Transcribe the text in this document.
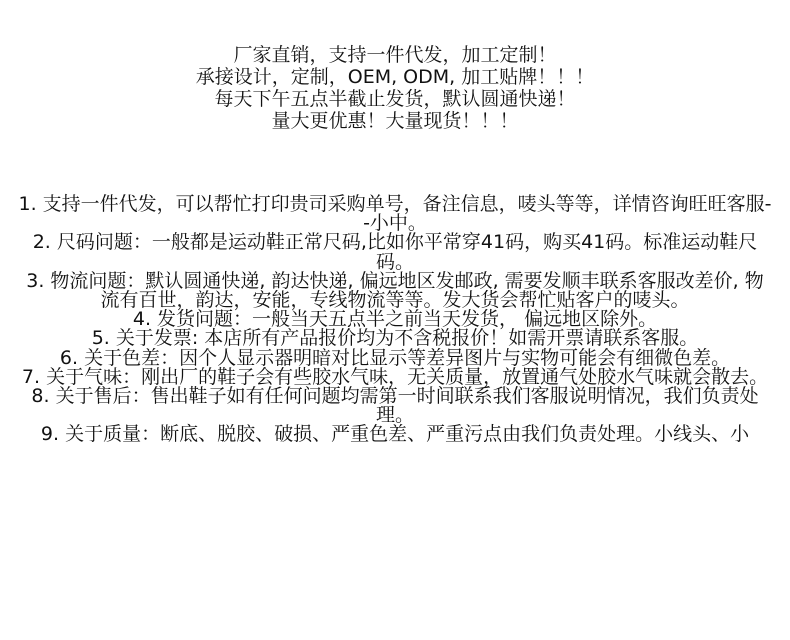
厂家直销，支持一件代发，加工定制！
承接设计，定制，OEM, ODM, 加工贴牌！！！
每天下午五点半截止发货，默认圆通快递！
量大更优惠！大量现货！！！

1. 支持一件代发，可以帮忙打印贵司采购单号，备注信息，唛头等等，详情咨询旺旺客服--小中。

2. 尺码问题：一般都是运动鞋正常尺码,比如你平常穿41码，购买41码。标准运动鞋尺码。

3. 物流问题：默认圆通快递, 韵达快递, 偏远地区发邮政, 需要发顺丰联系客服改差价, 物流有百世，韵达，安能，专线物流等等。发大货会帮忙贴客户的唛头。

4. 发货问题：一般当天五点半之前当天发货， 偏远地区除外。

5. 关于发票: 本店所有产品报价均为不含税报价！如需开票请联系客服。

6. 关于色差：因个人显示器明暗对比显示等差异图片与实物可能会有细微色差。

7. 关于气味：刚出厂的鞋子会有些胶水气味，无关质量，放置通气处胶水气味就会散去。

8. 关于售后：售出鞋子如有任何问题均需第一时间联系我们客服说明情况，我们负责处理。

9. 关于质量：断底、脱胶、破损、严重色差、严重污点由我们负责处理。小线头、小
